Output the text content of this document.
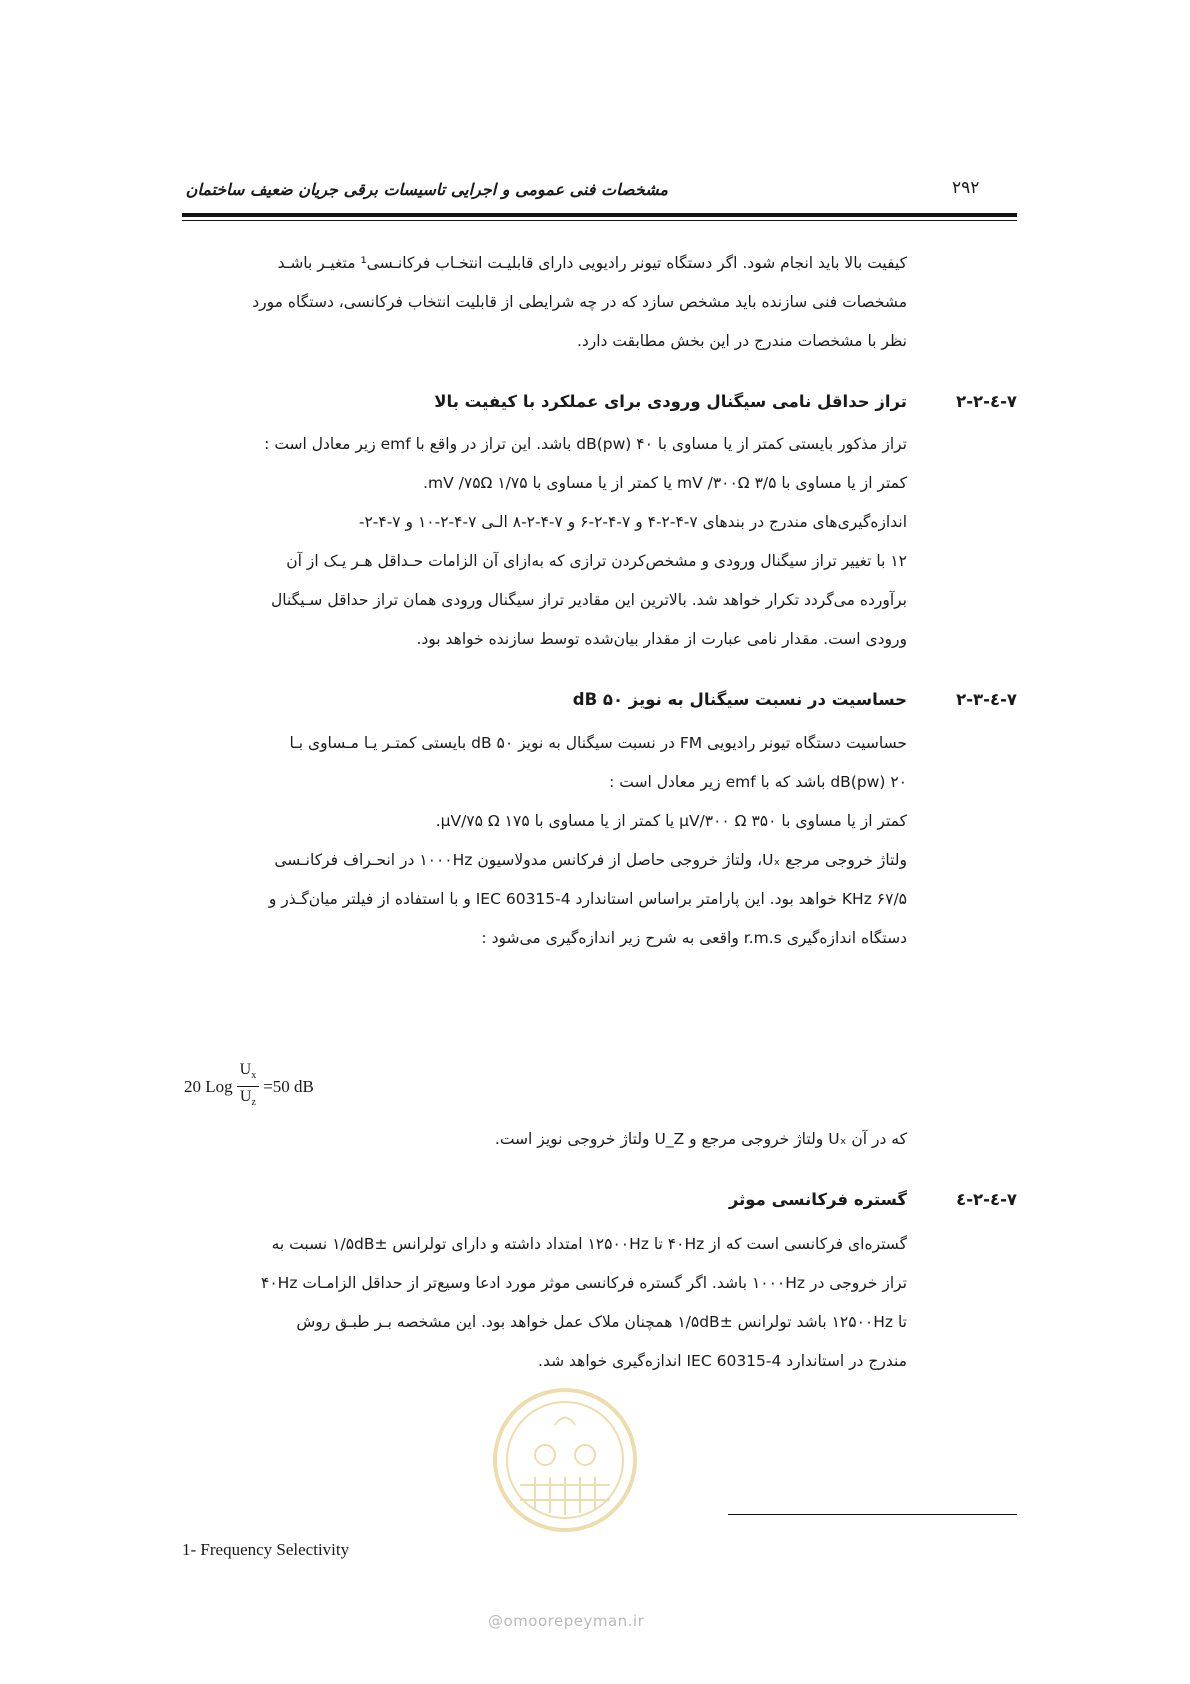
۲۹۲
مشخصات فنی عمومی و اجرایی تاسیسات برقی جریان ضعیف ساختمان

کیفیت بالا باید انجام شود. اگر دستگاه تیونر رادیویی دارای قابلیـت انتخـاب فرکانـسی¹ متغیـر باشـد

مشخصات فنی سازنده باید مشخص سازد که در چه شرایطی از قابلیت انتخاب فرکانسی، دستگاه مورد

نظر با مشخصات مندرج در این بخش مطابقت دارد.

۷-٤-۲-۲
تراز حداقل نامی سیگنال ورودی برای عملکرد با کیفیت بالا

تراز مذکور بایستی کمتر از یا مساوی با dB(pw) ۴۰ باشد. این تراز در واقع با emf زیر معادل است :

کمتر از یا مساوی با ۳/۵ mV /۳۰۰Ω یا کمتر از یا مساوی با ۱/۷۵ mV /۷۵Ω.

اندازه‌گیری‌های مندرج در بندهای ۷-۴-۲-۴ و ۷-۴-۲-۶ و ۷-۴-۲-۸ الـی ۷-۴-۲-۱۰ و ۷-۴-۲-

۱۲ با تغییر تراز سیگنال ورودی و مشخص‌کردن ترازی که به‌ازای آن الزامات حـداقل هـر یـک از آن

برآورده می‌گردد تکرار خواهد شد. بالاترین این مقادیر تراز سیگنال ورودی همان تراز حداقل سـیگنال

ورودی است. مقدار نامی عبارت از مقدار بیان‌شده توسط سازنده خواهد بود.

۷-٤-۲-۳
حساسیت در نسبت سیگنال به نویز ۵۰ dB

حساسیت دستگاه تیونر رادیویی FM در نسبت سیگنال به نویز ۵۰ dB بایستی کمتـر یـا مـساوی بـا

۲۰ dB(pw) باشد که با emf زیر معادل است :

کمتر از یا مساوی با ۳۵۰ μV/۳۰۰ Ω یا کمتر از یا مساوی با ۱۷۵ μV/۷۵ Ω.

ولتاژ خروجی مرجع Uₓ، ولتاژ خروجی حاصل از فرکانس مدولاسیون ۱۰۰۰Hz در انحـراف فرکانـسی

۶۷/۵ KHz خواهد بود. این پارامتر براساس استاندارد IEC 60315-4 و با استفاده از فیلتر میان‌گـذر و

دستگاه اندازه‌گیری r.m.s واقعی به شرح زیر اندازه‌گیری می‌شود :

20 Log $\frac{U_x}{U_z} =50$ dB

که در آن Uₓ ولتاژ خروجی مرجع و U_Z ولتاژ خروجی نویز است.

۷-٤-۲-٤
گستره فرکانسی موثر

گستره‌ای فرکانسی است که از ۴۰Hz تا ۱۲۵۰۰Hz امتداد داشته و دارای تولرانس ±۱/۵dB نسبت به

تراز خروجی در ۱۰۰۰Hz باشد. اگر گستره فرکانسی موثر مورد ادعا وسیع‌تر از حداقل الزامـات ۴۰Hz

تا ۱۲۵۰۰Hz باشد تولرانس ±۱/۵dB همچنان ملاک عمل خواهد بود. این مشخصه بـر طبـق روش

مندرج در استاندارد IEC 60315-4 اندازه‌گیری خواهد شد.

1- Frequency Selectivity
@omoorepeyman.ir
